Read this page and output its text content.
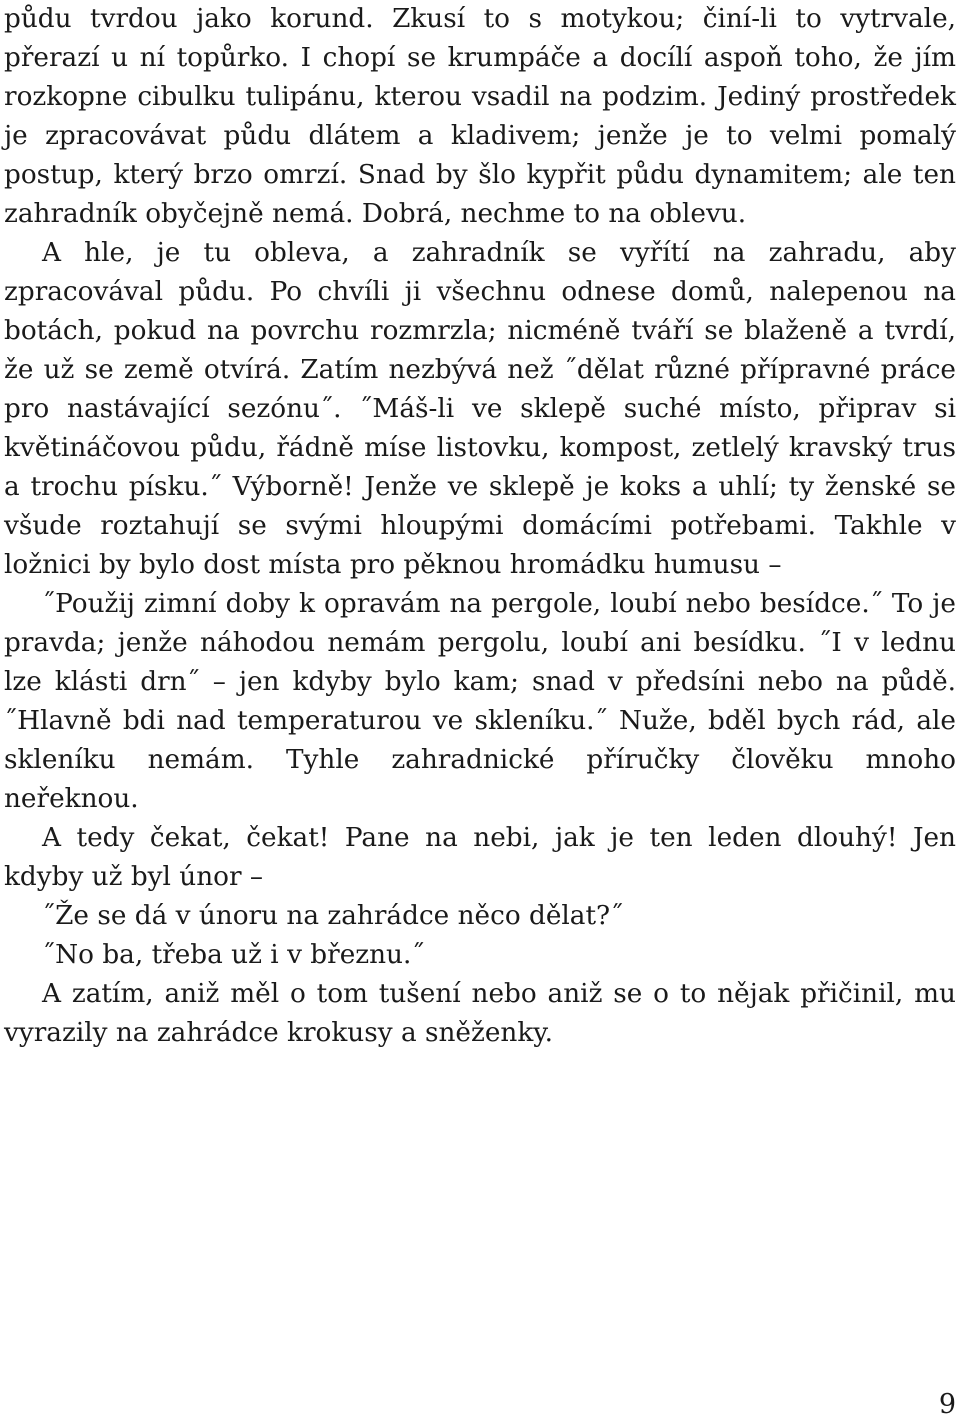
půdu tvrdou jako korund. Zkusí to s motykou; činí-li to vytrvale, přerazí u ní topůrko. I chopí se krumpáče a docílí aspoň toho, že jím rozkopne cibulku tulipánu, kterou vsadil na podzim. Jediný prostředek je zpracovávat půdu dlátem a kladivem; jenže je to velmi pomalý postup, který brzo omrzí. Snad by šlo kypřit půdu dynamitem; ale ten zahradník obyčejně nemá. Dobrá, nechme to na oblevu.

A hle, je tu obleva, a zahradník se vyřítí na zahradu, aby zpracovával půdu. Po chvíli ji všechnu odnese domů, nalepenou na botách, pokud na povrchu rozmrzla; nicméně tváří se blaženě a tvrdí, že už se země otvírá. Zatím nezbývá než ˝dělat různé přípravné práce pro nastávající sezónu˝. ˝Máš-li ve sklepě suché místo, připrav si květináčovou půdu, řádně míse listovku, kompost, zetlelý kravský trus a trochu písku.˝ Výborně! Jenže ve sklepě je koks a uhlí; ty ženské se všude roztahují se svými hloupými domácími potřebami. Takhle v ložnici by bylo dost místa pro pěknou hromádku humusu –

˝Použij zimní doby k opravám na pergole, loubí nebo besídce.˝ To je pravda; jenže náhodou nemám pergolu, loubí ani besídku. ˝I v lednu lze klásti drn˝ – jen kdyby bylo kam; snad v předsíni nebo na půdě. ˝Hlavně bdi nad temperaturou ve skleníku.˝ Nuže, bděl bych rád, ale skleníku nemám. Tyhle zahradnické příručky člověku mnoho neřeknou.

A tedy čekat, čekat! Pane na nebi, jak je ten leden dlouhý! Jen kdyby už byl únor –

˝Že se dá v únoru na zahrádce něco dělat?˝

˝No ba, třeba už i v březnu.˝

A zatím, aniž měl o tom tušení nebo aniž se o to nějak přičinil, mu vyrazily na zahrádce krokusy a sněženky.

9
